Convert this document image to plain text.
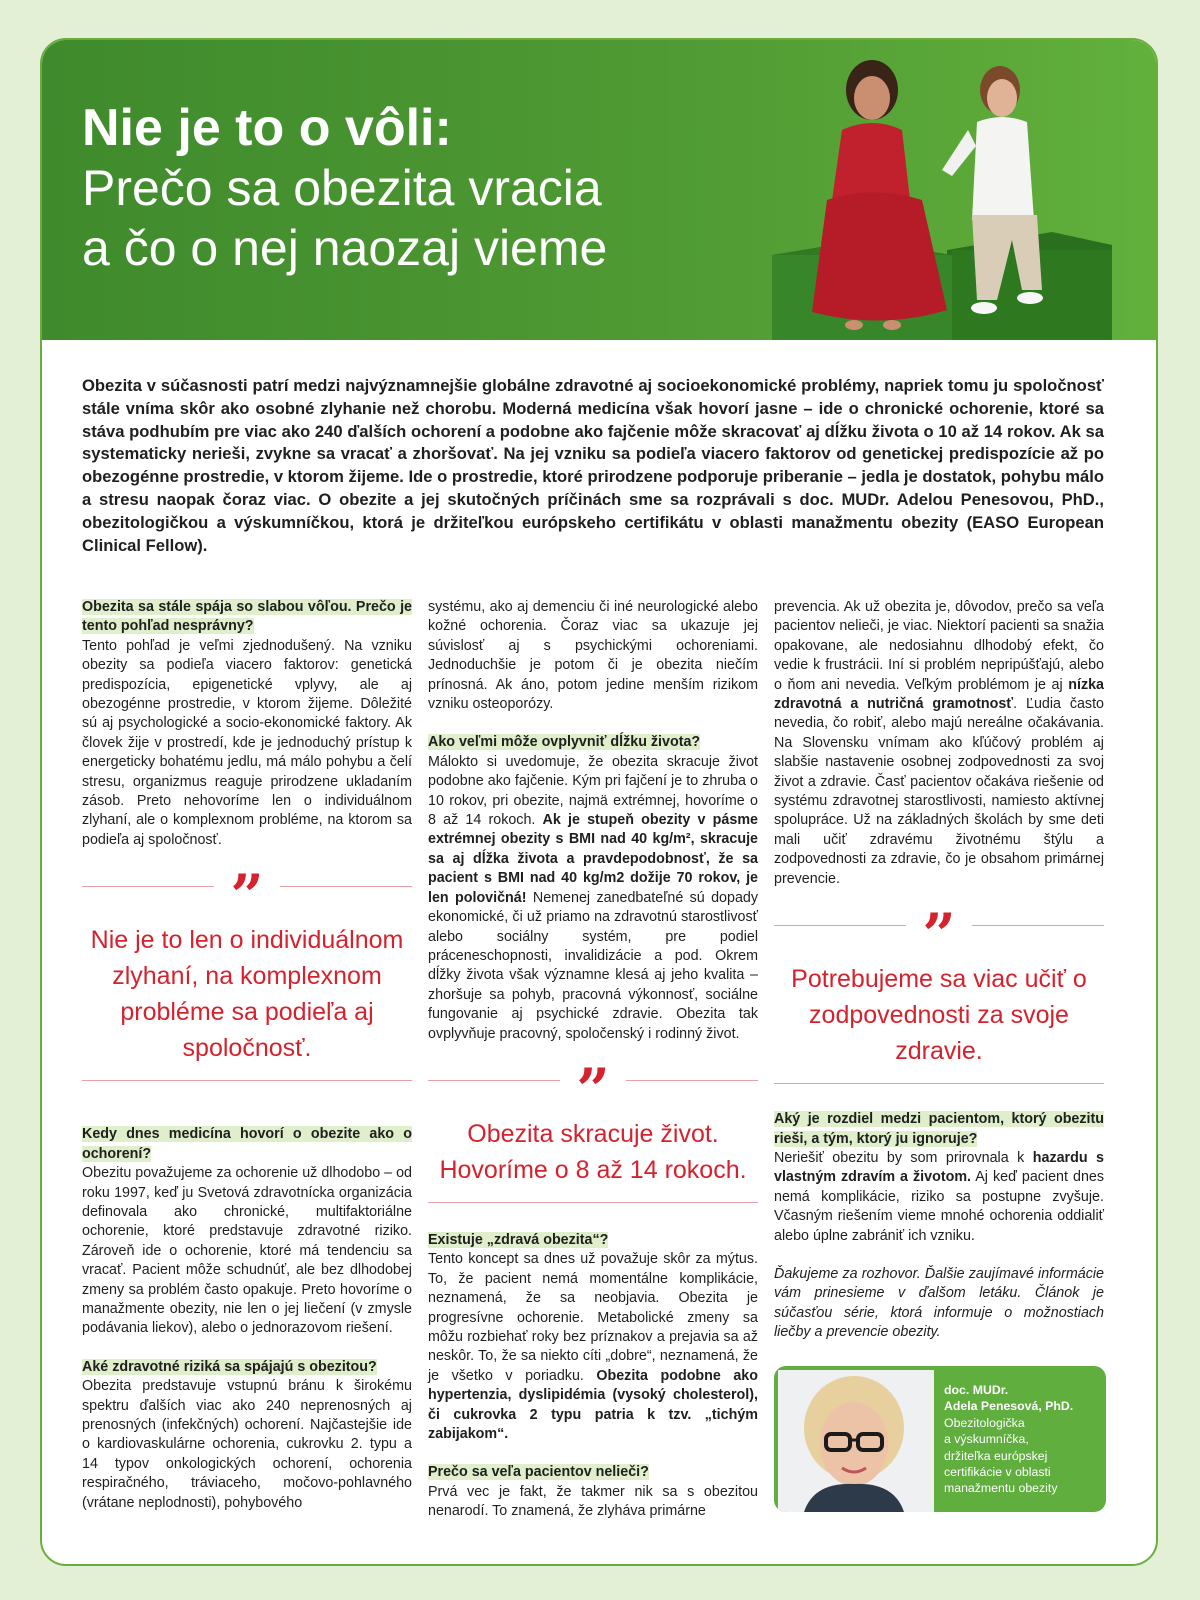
Nie je to o vôli:
Prečo sa obezita vracia
a čo o nej naozaj vieme

Obezita v súčasnosti patrí medzi najvýznamnejšie globálne zdravotné aj socioekonomické problémy, napriek tomu ju spoločnosť stále vníma skôr ako osobné zlyhanie než chorobu. Moderná medicína však hovorí jasne – ide o chronické ochorenie, ktoré sa stáva podhubím pre viac ako 240 ďalších ochorení a podobne ako fajčenie môže skracovať aj dĺžku života o 10 až 14 rokov. Ak sa systematicky nerieši, zvykne sa vracať a zhoršovať. Na jej vzniku sa podieľa viacero faktorov od genetickej predispozície až po obezogénne prostredie, v ktorom žijeme. Ide o prostredie, ktoré prirodzene podporuje priberanie – jedla je dostatok, pohybu málo a stresu naopak čoraz viac. O obezite a jej skutočných príčinách sme sa rozprávali s doc. MUDr. Adelou Penesovou, PhD., obezitologičkou a výskumníčkou, ktorá je držiteľkou európskeho certifikátu v oblasti manažmentu obezity (EASO European Clinical Fellow).

Obezita sa stále spája so slabou vôľou. Prečo je tento pohľad nesprávny?
Tento pohľad je veľmi zjednodušený. Na vzniku obezity sa podieľa viacero faktorov: genetická predispozícia, epigenetické vplyvy, ale aj obezogénne prostredie, v ktorom žijeme. Dôležité sú aj psychologické a socio-ekonomické faktory. Ak človek žije v prostredí, kde je jednoduchý prístup k energeticky bohatému jedlu, má málo pohybu a čelí stresu, organizmus reaguje prirodzene ukladaním zásob. Preto nehovoríme len o individuálnom zlyhaní, ale o komplexnom probléme, na ktorom sa podieľa aj spoločnosť.

”
Nie je to len o individuálnom zlyhaní, na komplexnom probléme sa podieľa aj spoločnosť.

Kedy dnes medicína hovorí o obezite ako o ochorení?
Obezitu považujeme za ochorenie už dlhodobo – od roku 1997, keď ju Svetová zdravotnícka organizácia definovala ako chronické, multifaktoriálne ochorenie, ktoré predstavuje zdravotné riziko. Zároveň ide o ochorenie, ktoré má tendenciu sa vracať. Pacient môže schudnúť, ale bez dlhodobej zmeny sa problém často opakuje. Preto hovoríme o manažmente obezity, nie len o jej liečení (v zmysle podávania liekov), alebo o jednorazovom riešení.

Aké zdravotné riziká sa spájajú s obezitou?
Obezita predstavuje vstupnú bránu k širokému spektru ďalších viac ako 240 neprenosných aj prenosných (infekčných) ochorení. Najčastejšie ide o kardiovaskulárne ochorenia, cukrovku 2. typu a 14 typov onkologických ochorení, ochorenia respiračného, tráviaceho, močovo-pohlavného (vrátane neplodnosti), pohybového

systému, ako aj demenciu či iné neurologické alebo kožné ochorenia. Čoraz viac sa ukazuje jej súvislosť aj s psychickými ochoreniami. Jednoduchšie je potom či je obezita niečím prínosná. Ak áno, potom jedine menším rizikom vzniku osteoporózy.

Ako veľmi môže ovplyvniť dĺžku života?
Málokto si uvedomuje, že obezita skracuje život podobne ako fajčenie. Kým pri fajčení je to zhruba o 10 rokov, pri obezite, najmä extrémnej, hovoríme o 8 až 14 rokoch. Ak je stupeň obezity v pásme extrémnej obezity s BMI nad 40 kg/m², skracuje sa aj dĺžka života a pravdepodobnosť, že sa pacient s BMI nad 40 kg/m2 dožije 70 rokov, je len polovičná! Nemenej zanedbateľné sú dopady ekonomické, či už priamo na zdravotnú starostlivosť alebo sociálny systém, pre podiel práceneschopnosti, invalidizácie a pod. Okrem dĺžky života však významne klesá aj jeho kvalita – zhoršuje sa pohyb, pracovná výkonnosť, sociálne fungovanie aj psychické zdravie. Obezita tak ovplyvňuje pracovný, spoločenský i rodinný život.

”
Obezita skracuje život. Hovoríme o 8 až 14 rokoch.

Existuje „zdravá obezita“?
Tento koncept sa dnes už považuje skôr za mýtus. To, že pacient nemá momentálne komplikácie, neznamená, že sa neobjavia. Obezita je progresívne ochorenie. Metabolické zmeny sa môžu rozbiehať roky bez príznakov a prejavia sa až neskôr. To, že sa niekto cíti „dobre“, neznamená, že je všetko v poriadku. Obezita podobne ako hypertenzia, dyslipidémia (vysoký cholesterol), či cukrovka 2 typu patria k tzv. „tichým zabijakom“.

Prečo sa veľa pacientov nelieči?
Prvá vec je fakt, že takmer nik sa s obezitou nenarodí. To znamená, že zlyháva primárne

prevencia. Ak už obezita je, dôvodov, prečo sa veľa pacientov nelieči, je viac. Niektorí pacienti sa snažia opakovane, ale nedosiahnu dlhodobý efekt, čo vedie k frustrácii. Iní si problém nepripúšťajú, alebo o ňom ani nevedia. Veľkým problémom je aj nízka zdravotná a nutričná gramotnosť. Ľudia často nevedia, čo robiť, alebo majú nereálne očakávania. Na Slovensku vnímam ako kľúčový problém aj slabšie nastavenie osobnej zodpovednosti za svoj život a zdravie. Časť pacientov očakáva riešenie od systému zdravotnej starostlivosti, namiesto aktívnej spolupráce. Už na základných školách by sme deti mali učiť zdravému životnému štýlu a zodpovednosti za zdravie, čo je obsahom primárnej prevencie.

”
Potrebujeme sa viac učiť o zodpovednosti za svoje zdravie.

Aký je rozdiel medzi pacientom, ktorý obezitu rieši, a tým, ktorý ju ignoruje?
Neriešiť obezitu by som prirovnala k hazardu s vlastným zdravím a životom. Aj keď pacient dnes nemá komplikácie, riziko sa postupne zvyšuje. Včasným riešením vieme mnohé ochorenia oddialiť alebo úplne zabrániť ich vzniku.

Ďakujeme za rozhovor. Ďalšie zaujímavé informácie vám prinesieme v ďalšom letáku. Článok je súčasťou série, ktorá informuje o možnostiach liečby a prevencie obezity.

doc. MUDr.
Adela Penesová, PhD.
Obezitologička
a výskumníčka,
držiteľka európskej
certifikácie v oblasti
manažmentu obezity
